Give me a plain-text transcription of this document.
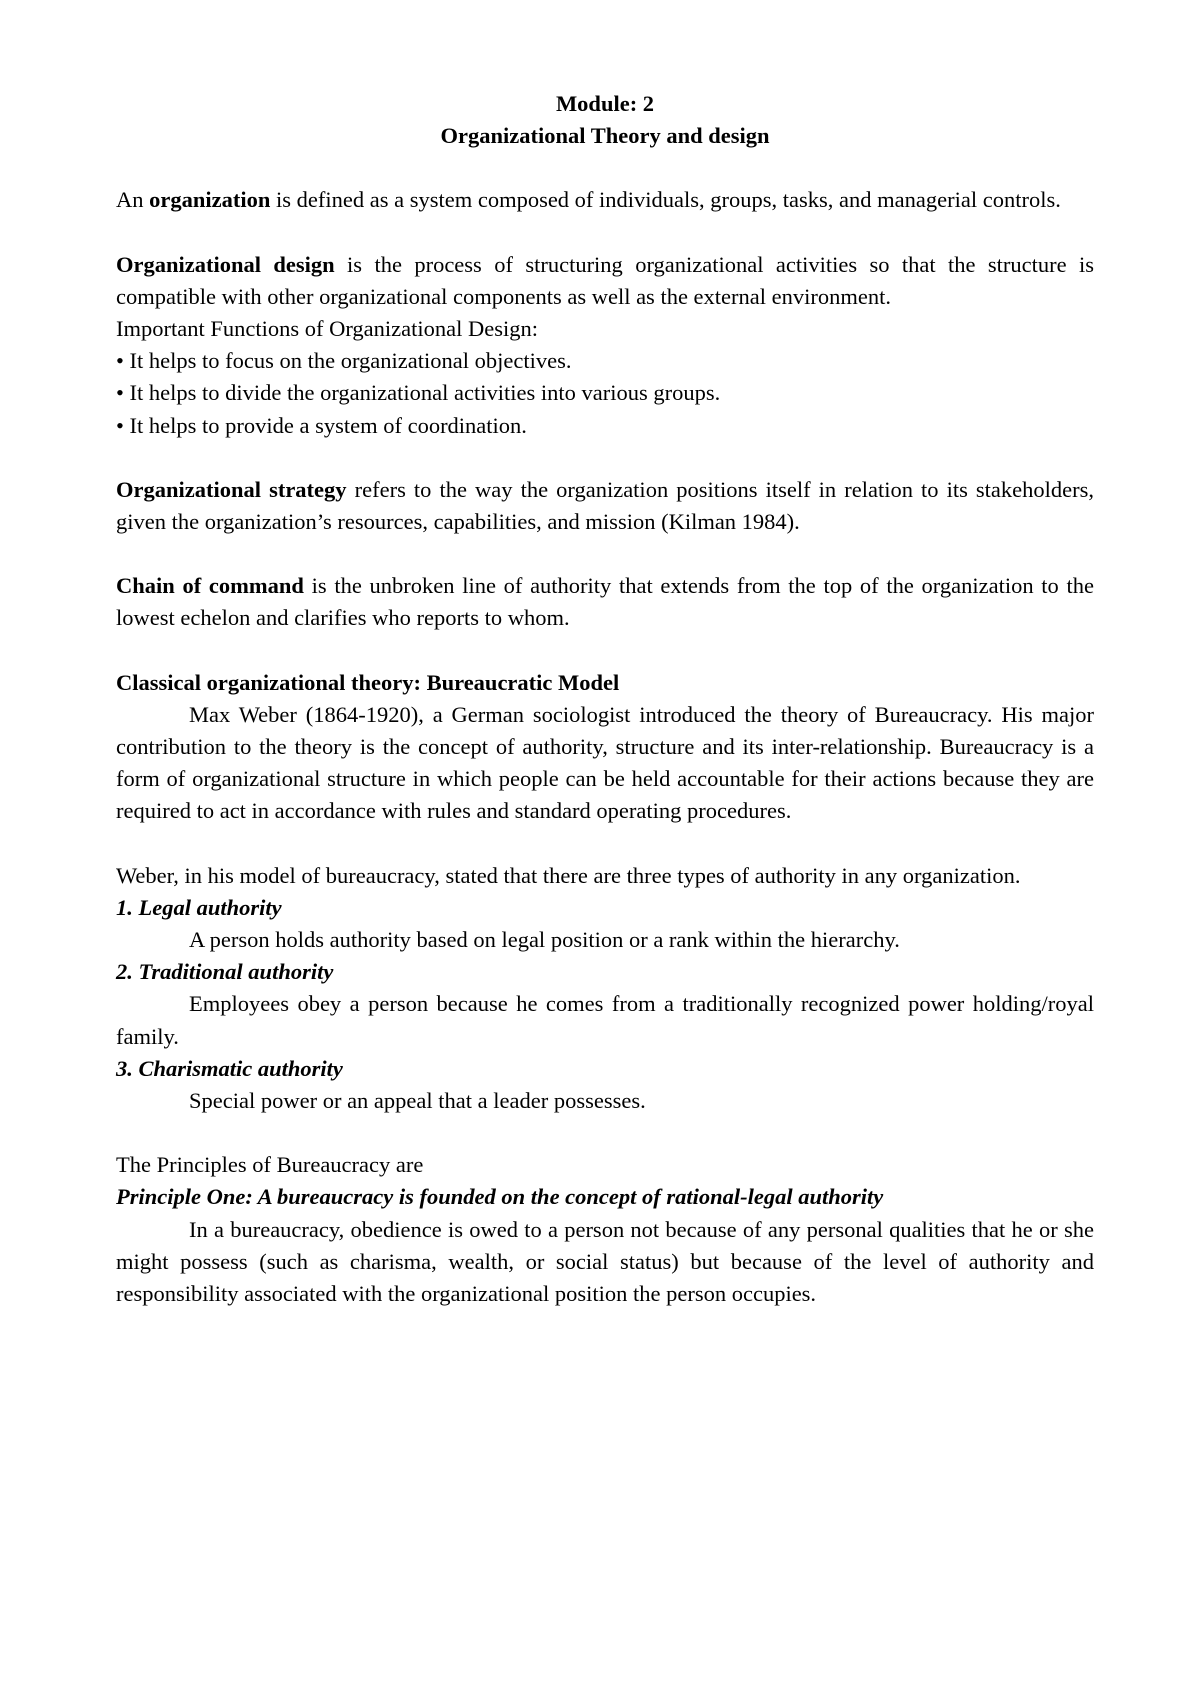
Module: 2

Organizational Theory and design

An organization is defined as a system composed of individuals, groups, tasks, and managerial controls.

Organizational design is the process of structuring organizational activities so that the structure is compatible with other organizational components as well as the external environment.

Important Functions of Organizational Design:

• It helps to focus on the organizational objectives.

• It helps to divide the organizational activities into various groups.

• It helps to provide a system of coordination.

Organizational strategy refers to the way the organization positions itself in relation to its stakeholders, given the organization’s resources, capabilities, and mission (Kilman 1984).

Chain of command is the unbroken line of authority that extends from the top of the organization to the lowest echelon and clarifies who reports to whom.

Classical organizational theory: Bureaucratic Model

Max Weber (1864-1920), a German sociologist introduced the theory of Bureaucracy. His major contribution to the theory is the concept of authority, structure and its inter-relationship. Bureaucracy is a form of organizational structure in which people can be held accountable for their actions because they are required to act in accordance with rules and standard operating procedures.

Weber, in his model of bureaucracy, stated that there are three types of authority in any organization.

1. Legal authority

A person holds authority based on legal position or a rank within the hierarchy.

2. Traditional authority

Employees obey a person because he comes from a traditionally recognized power holding/royal family.

3. Charismatic authority

Special power or an appeal that a leader possesses.

The Principles of Bureaucracy are

Principle One: A bureaucracy is founded on the concept of rational-legal authority

In a bureaucracy, obedience is owed to a person not because of any personal qualities that he or she might possess (such as charisma, wealth, or social status) but because of the level of authority and responsibility associated with the organizational position the person occupies.
